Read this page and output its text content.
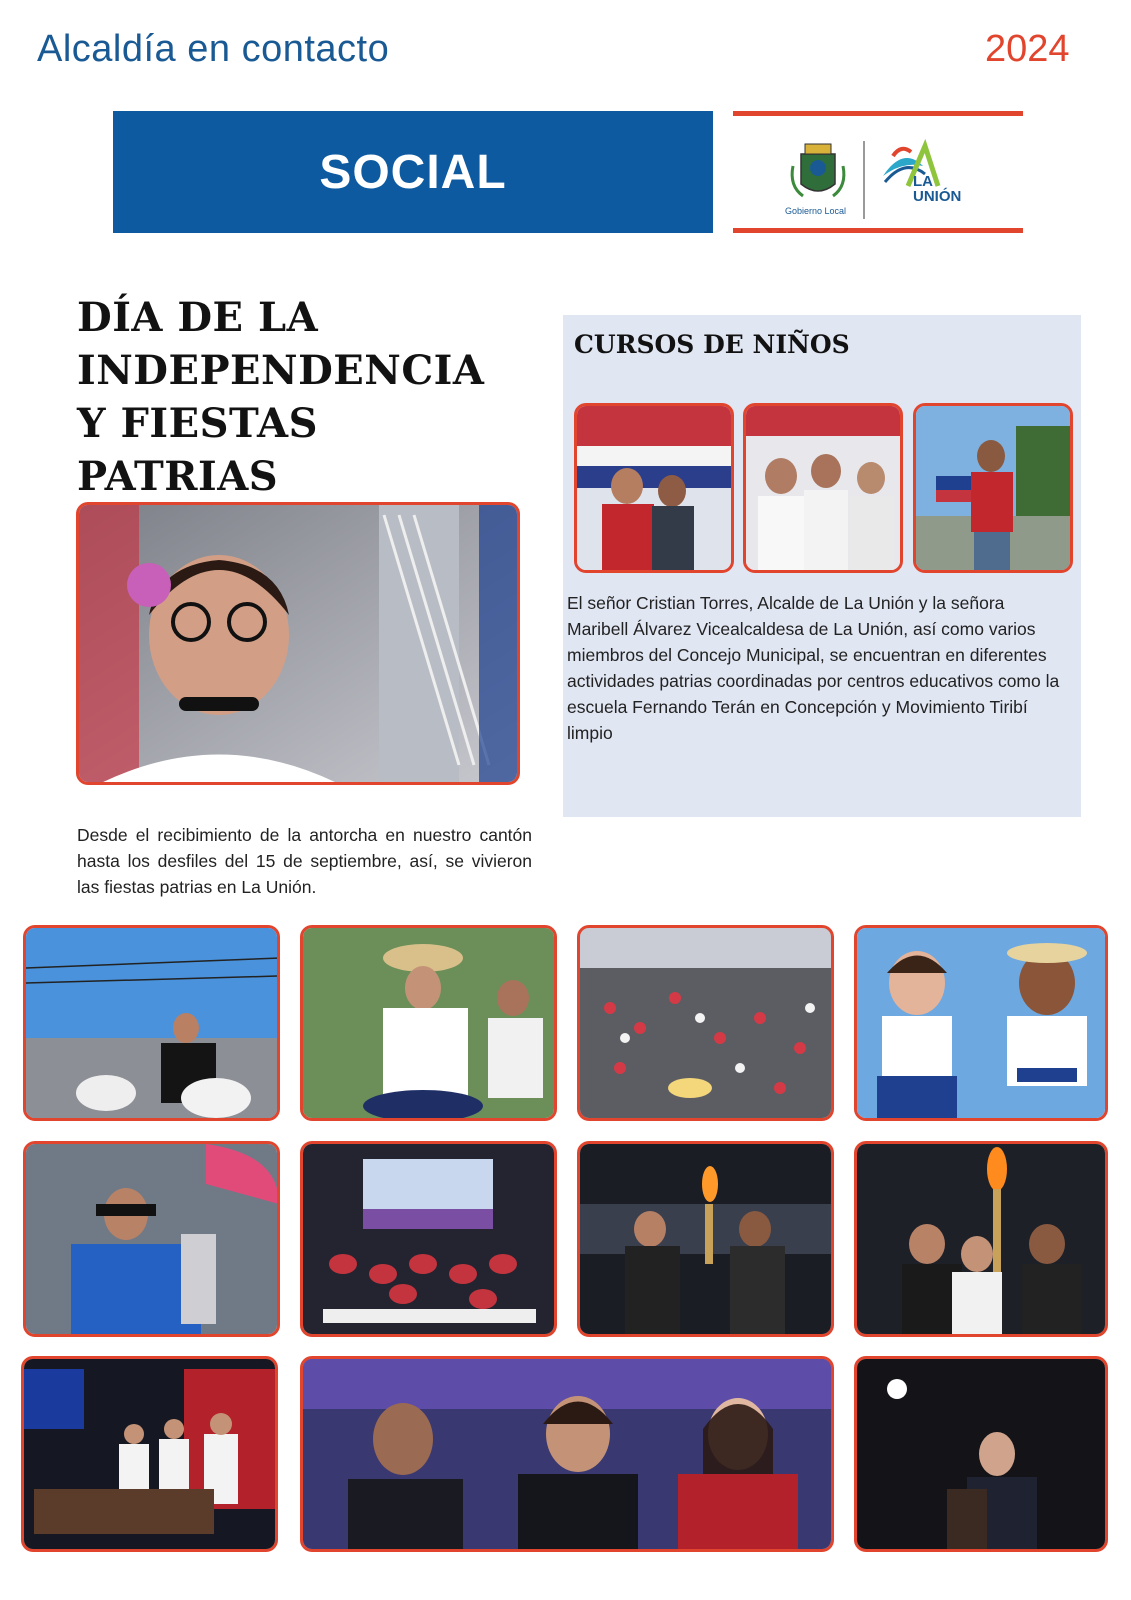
Alcaldía en contacto	2024
SOCIAL
Gobierno Local
LA
UNIÓN
DÍA DE LA INDEPENDENCIA Y FIESTAS PATRIAS
Desde el recibimiento de la antorcha en nuestro cantón hasta los desfiles del 15 de septiembre, así, se vivieron las fiestas patrias en La Unión.
CURSOS DE NIÑOS
El señor Cristian Torres, Alcalde de La Unión y la señora Maribell Álvarez Vicealcaldesa de La Unión, así como varios miembros del Concejo Municipal, se encuentran en diferentes actividades patrias coordinadas por centros educativos como la escuela Fernando Terán en Concepción y Movimiento Tiribí limpio
